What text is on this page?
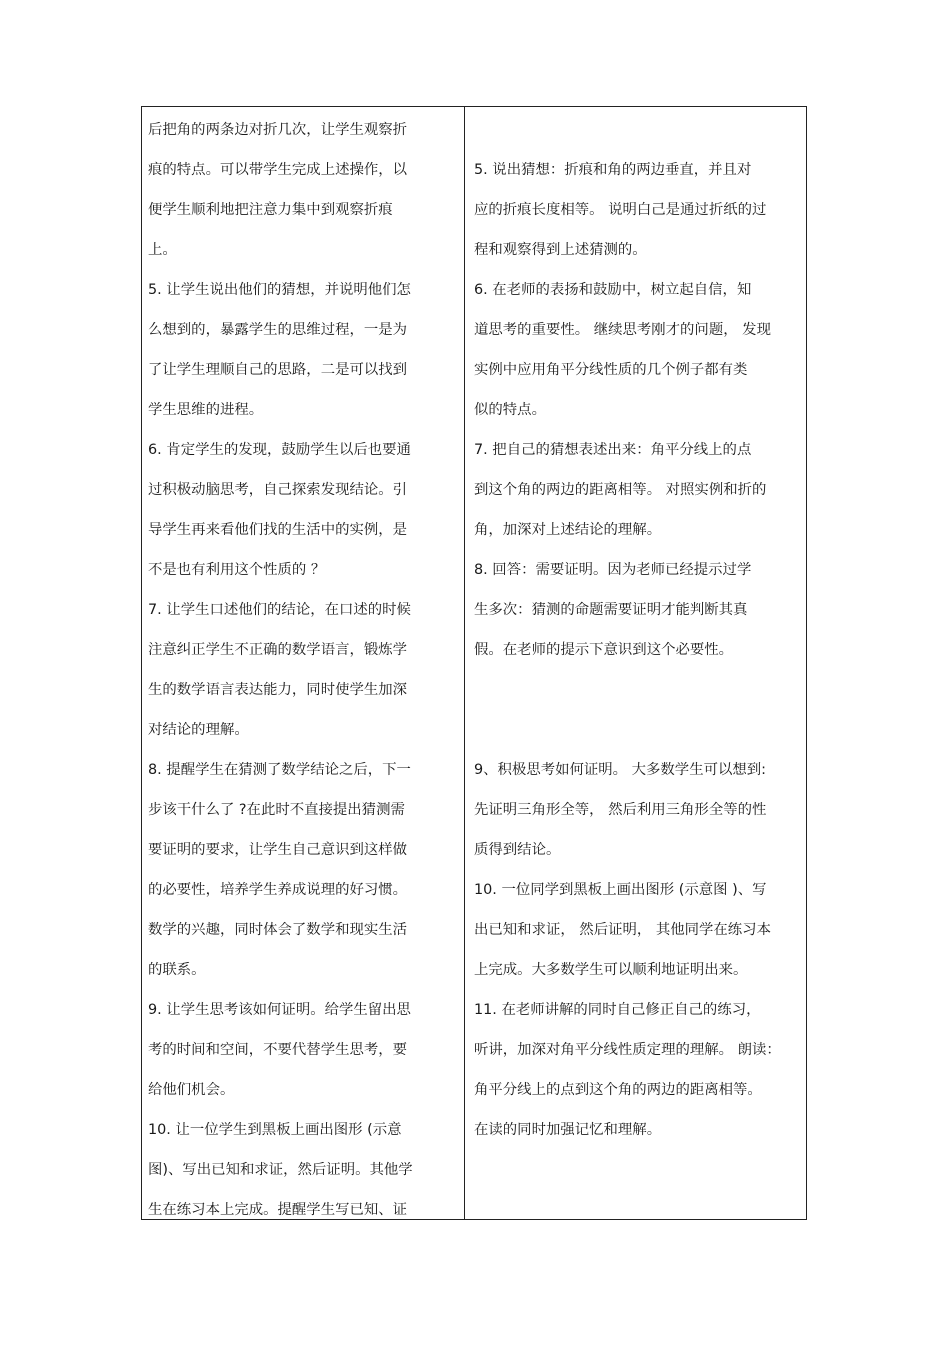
后把角的两条边对折几次，让学生观察折
痕的特点。可以带学生完成上述操作，以
便学生顺利地把注意力集中到观察折痕
上。
5. 让学生说出他们的猜想，并说明他们怎
么想到的，暴露学生的思维过程，一是为
了让学生理顺自己的思路，二是可以找到
学生思维的进程。
6. 肯定学生的发现，鼓励学生以后也要通
过积极动脑思考，自己探索发现结论。引
导学生再来看他们找的生活中的实例，是
不是也有利用这个性质的 ？
7. 让学生口述他们的结论，在口述的时候
注意纠正学生不正确的数学语言，锻炼学
生的数学语言表达能力，同时使学生加深
对结论的理解。
8. 提醒学生在猜测了数学结论之后，下一
步该干什么了 ?在此时不直接提出猜测需
要证明的要求，让学生自己意识到这样做
的必要性，培养学生养成说理的好习惯。
数学的兴趣，同时体会了数学和现实生活
的联系。
9. 让学生思考该如何证明。给学生留出思
考的时间和空间，不要代替学生思考，要
给他们机会。
10. 让一位学生到黑板上画出图形 (示意
图)、写出已知和求证，然后证明。其他学
生在练习本上完成。提醒学生写已知、证
5. 说出猜想：折痕和角的两边垂直，并且对
应的折痕长度相等。 说明白己是通过折纸的过
程和观察得到上述猜测的。
6. 在老师的表扬和鼓励中，树立起自信，知
道思考的重要性。 继续思考刚才的问题， 发现
实例中应用角平分线性质的几个例子都有类
似的特点。
7. 把自己的猜想表述出来：角平分线上的点
到这个角的两边的距离相等。 对照实例和折的
角，加深对上述结论的理解。
8. 回答：需要证明。因为老师已经提示过学
生多次：猜测的命题需要证明才能判断其真
假。在老师的提示下意识到这个必要性。
9、积极思考如何证明。 大多数学生可以想到:
先证明三角形全等， 然后利用三角形全等的性
质得到结论。
10. 一位同学到黑板上画出图形 (示意图 )、写
出已知和求证， 然后证明， 其他同学在练习本
上完成。大多数学生可以顺利地证明出来。
11. 在老师讲解的同时自己修正自己的练习，
听讲，加深对角平分线性质定理的理解。 朗读：
角平分线上的点到这个角的两边的距离相等。
在读的同时加强记忆和理解。
